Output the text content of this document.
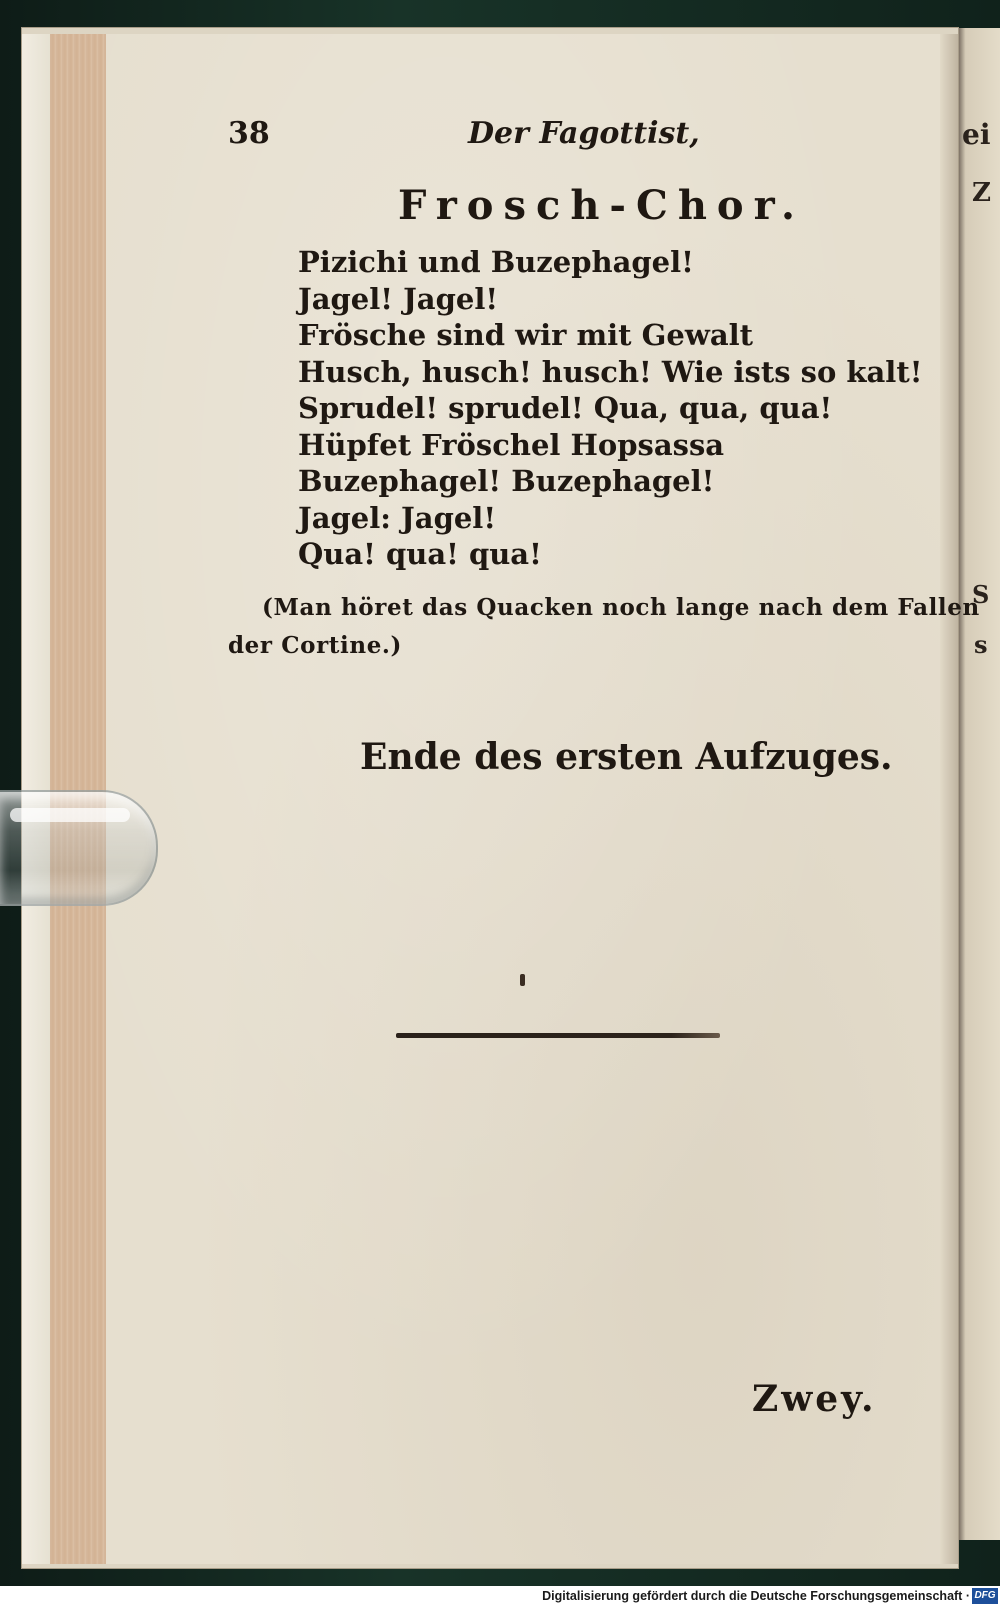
ei
Z
S
s
38	Der Fagottist,
Frosch-Chor.
Pizichi und Buzephagel!
Jagel! Jagel!
Frösche sind wir mit Gewalt
Husch, husch! husch! Wie ists so kalt!
Sprudel! sprudel! Qua, qua, qua!
Hüpfet Fröschel Hopsassa
Buzephagel! Buzephagel!
Jagel: Jagel!
Qua! qua! qua!
(Man höret das Quacken noch lange nach dem Fallen
der Cortine.)
Ende des ersten Aufzuges.
Zwey.
Digitalisierung gefördert durch die Deutsche Forschungsgemeinschaft · DFG
